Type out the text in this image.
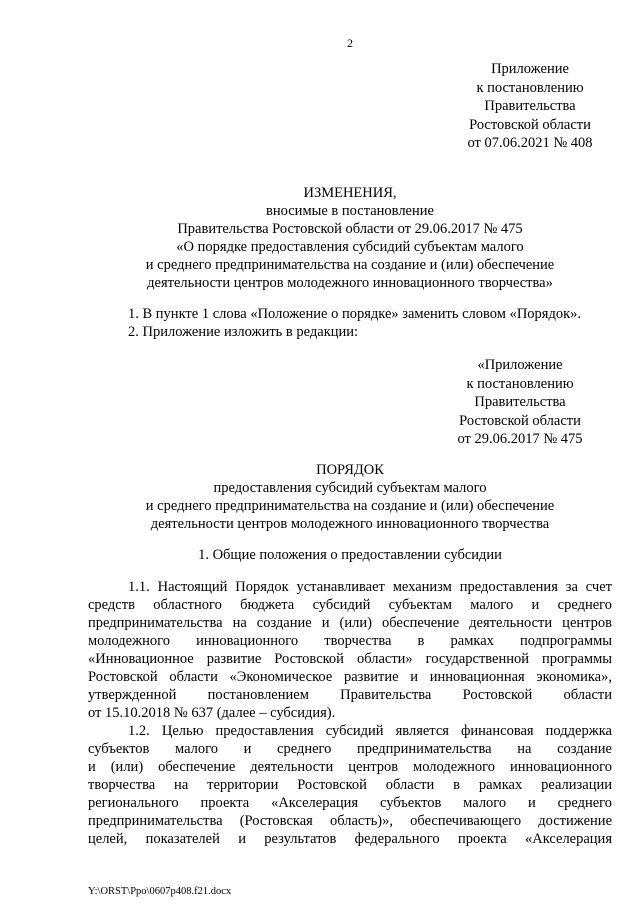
2
Приложение
к постановлению
Правительства
Ростовской области
от 07.06.2021 № 408
ИЗМЕНЕНИЯ,
вносимые в постановление
Правительства Ростовской области от 29.06.2017 № 475
«О порядке предоставления субсидий субъектам малого
и среднего предпринимательства на создание и (или) обеспечение
деятельности центров молодежного инновационного творчества»
1. В пункте 1 слова «Положение о порядке» заменить словом «Порядок».
2. Приложение изложить в редакции:
«Приложение
к постановлению
Правительства
Ростовской области
от 29.06.2017 № 475
ПОРЯДОК
предоставления субсидий субъектам малого
и среднего предпринимательства на создание и (или) обеспечение
деятельности центров молодежного инновационного творчества
1. Общие положения о предоставлении субсидии
1.1. Настоящий Порядок устанавливает механизм предоставления за счет
средств областного бюджета субсидий субъектам малого и среднего
предпринимательства на создание и (или) обеспечение деятельности центров
молодежного инновационного творчества в рамках подпрограммы
«Инновационное развитие Ростовской области» государственной программы
Ростовской области «Экономическое развитие и инновационная экономика»,
утвержденной постановлением Правительства Ростовской области
от 15.10.2018 № 637 (далее – субсидия).
1.2. Целью предоставления субсидий является финансовая поддержка
субъектов малого и среднего предпринимательства на создание
и (или) обеспечение деятельности центров молодежного инновационного
творчества на территории Ростовской области в рамках реализации
регионального проекта «Акселерация субъектов малого и среднего
предпринимательства (Ростовская область)», обеспечивающего достижение
целей, показателей и результатов федерального проекта «Акселерация
Y:\ORST\Ppo\0607p408.f21.docx
